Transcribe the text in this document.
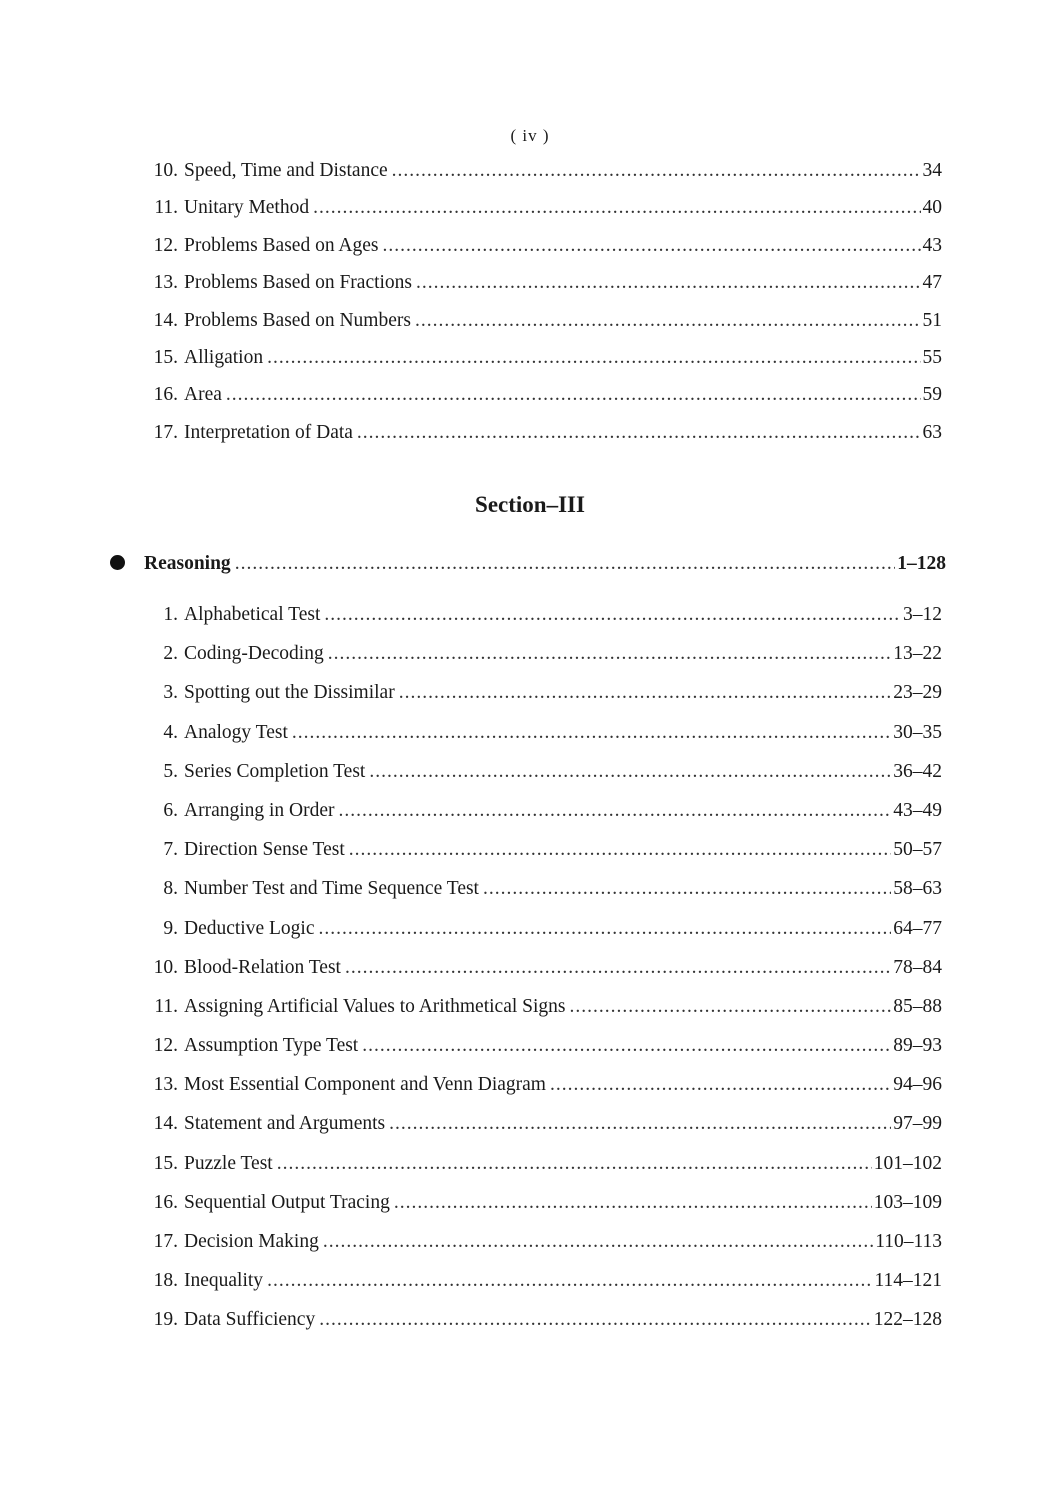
( iv )
10. Speed, Time and Distance .....	34
11. Unitary Method .....	40
12. Problems Based on Ages .....	43
13. Problems Based on Fractions .....	47
14. Problems Based on Numbers .....	51
15. Alligation .....	55
16. Area .....	59
17. Interpretation of Data .....	63
Section–III
Reasoning .....	1–128
1. Alphabetical Test .....	3–12
2. Coding-Decoding .....	13–22
3. Spotting out the Dissimilar .....	23–29
4. Analogy Test .....	30–35
5. Series Completion Test .....	36–42
6. Arranging in Order .....	43–49
7. Direction Sense Test .....	50–57
8. Number Test and Time Sequence Test .....	58–63
9. Deductive Logic .....	64–77
10. Blood-Relation Test .....	78–84
11. Assigning Artificial Values to Arithmetical Signs .....	85–88
12. Assumption Type Test .....	89–93
13. Most Essential Component and Venn Diagram .....	94–96
14. Statement and Arguments .....	97–99
15. Puzzle Test .....	101–102
16. Sequential Output Tracing .....	103–109
17. Decision Making .....	110–113
18. Inequality .....	114–121
19. Data Sufficiency .....	122–128
